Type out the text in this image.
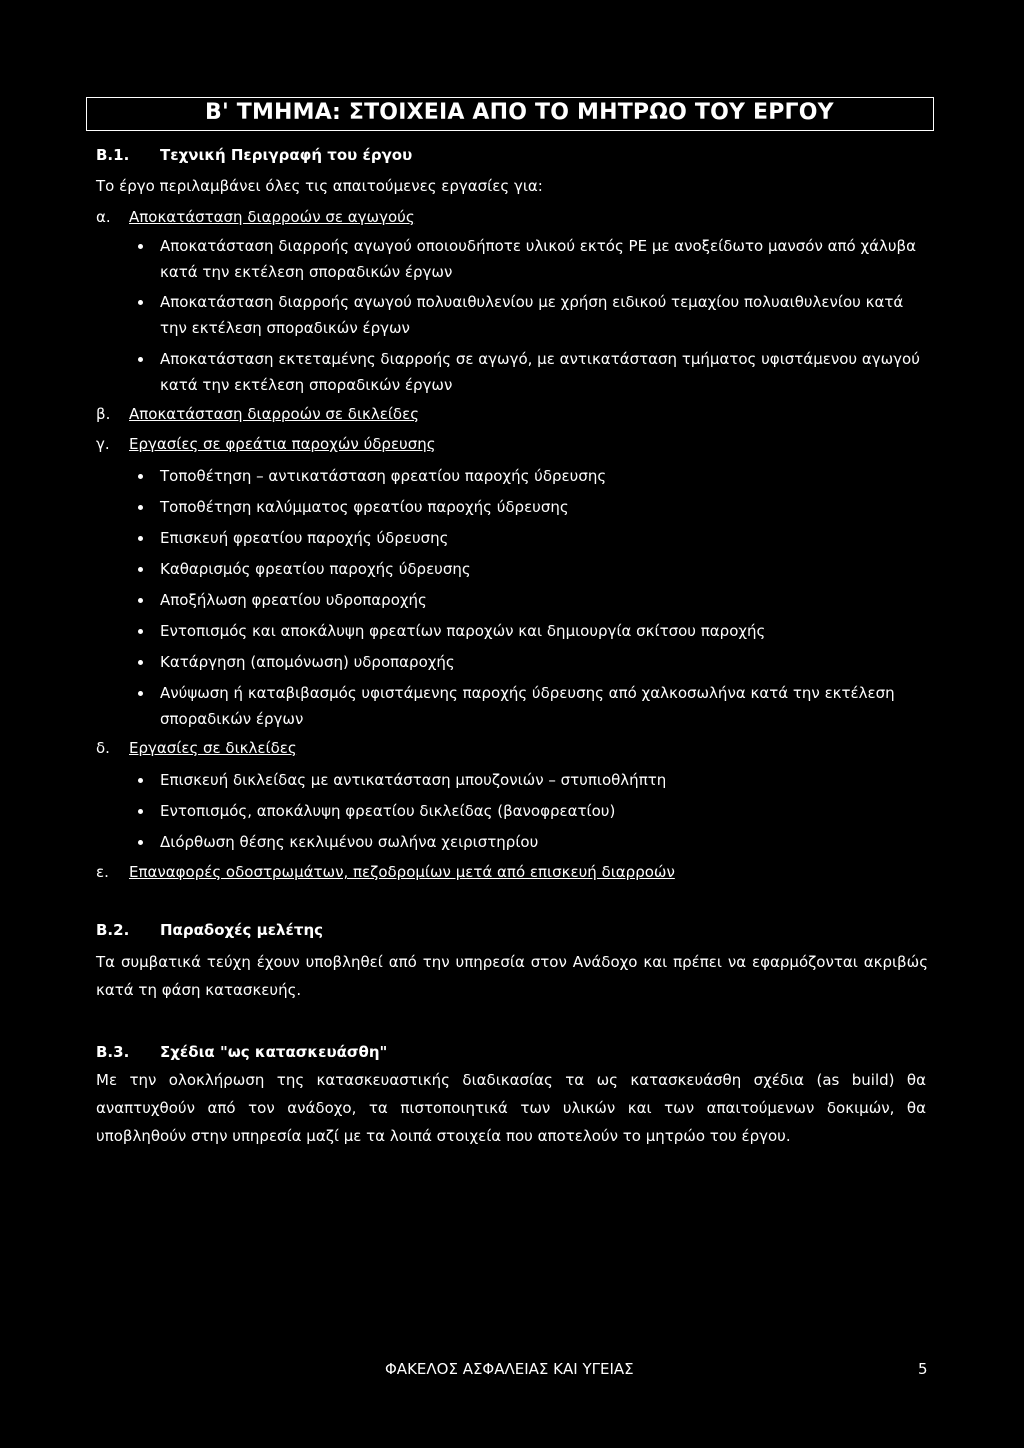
Β' ΤΜΗΜΑ: ΣΤΟΙΧΕΙΑ ΑΠΟ ΤΟ ΜΗΤΡΩΟ ΤΟΥ ΕΡΓΟΥ
Β.1. Τεχνική Περιγραφή του έργου
Το έργο περιλαμβάνει όλες τις απαιτούμενες εργασίες για:
α. Αποκατάσταση διαρροών σε αγωγούς
Αποκατάσταση διαρροής αγωγού οποιουδήποτε υλικού εκτός PE με ανοξείδωτο μανσόν από χάλυβα
κατά την εκτέλεση σποραδικών έργων
Αποκατάσταση διαρροής αγωγού πολυαιθυλενίου με χρήση ειδικού τεμαχίου πολυαιθυλενίου κατά
την εκτέλεση σποραδικών έργων
Αποκατάσταση εκτεταμένης διαρροής σε αγωγό, με αντικατάσταση τμήματος υφιστάμενου αγωγού
κατά την εκτέλεση σποραδικών έργων
β. Αποκατάσταση διαρροών σε δικλείδες
γ. Εργασίες σε φρεάτια παροχών ύδρευσης
Τοποθέτηση – αντικατάσταση φρεατίου παροχής ύδρευσης
Τοποθέτηση καλύμματος φρεατίου παροχής ύδρευσης
Επισκευή φρεατίου παροχής ύδρευσης
Καθαρισμός φρεατίου παροχής ύδρευσης
Αποξήλωση φρεατίου υδροπαροχής
Εντοπισμός και αποκάλυψη φρεατίων παροχών και δημιουργία σκίτσου παροχής
Κατάργηση (απομόνωση) υδροπαροχής
Ανύψωση ή καταβιβασμός υφιστάμενης παροχής ύδρευσης από χαλκοσωλήνα κατά την εκτέλεση
σποραδικών έργων
δ. Εργασίες σε δικλείδες
Επισκευή δικλείδας με αντικατάσταση μπουζονιών – στυπιοθλήπτη
Εντοπισμός, αποκάλυψη φρεατίου δικλείδας (βανοφρεατίου)
Διόρθωση θέσης κεκλιμένου σωλήνα χειριστηρίου
ε. Επαναφορές οδοστρωμάτων, πεζοδρομίων μετά από επισκευή διαρροών
Β.2. Παραδοχές μελέτης
Τα συμβατικά τεύχη έχουν υποβληθεί από την υπηρεσία στον Ανάδοχο και πρέπει να εφαρμόζονται ακριβώς κατά τη φάση κατασκευής.
Β.3. Σχέδια "ως κατασκευάσθη"
Με την ολοκλήρωση της κατασκευαστικής διαδικασίας τα ως κατασκευάσθη σχέδια (as build) θα αναπτυχθούν από τον ανάδοχο, τα πιστοποιητικά των υλικών και των απαιτούμενων δοκιμών, θα υποβληθούν στην υπηρεσία μαζί με τα λοιπά στοιχεία που αποτελούν το μητρώο του έργου.
ΦΑΚΕΛΟΣ ΑΣΦΑΛΕΙΑΣ ΚΑΙ ΥΓΕΙΑΣ	5
